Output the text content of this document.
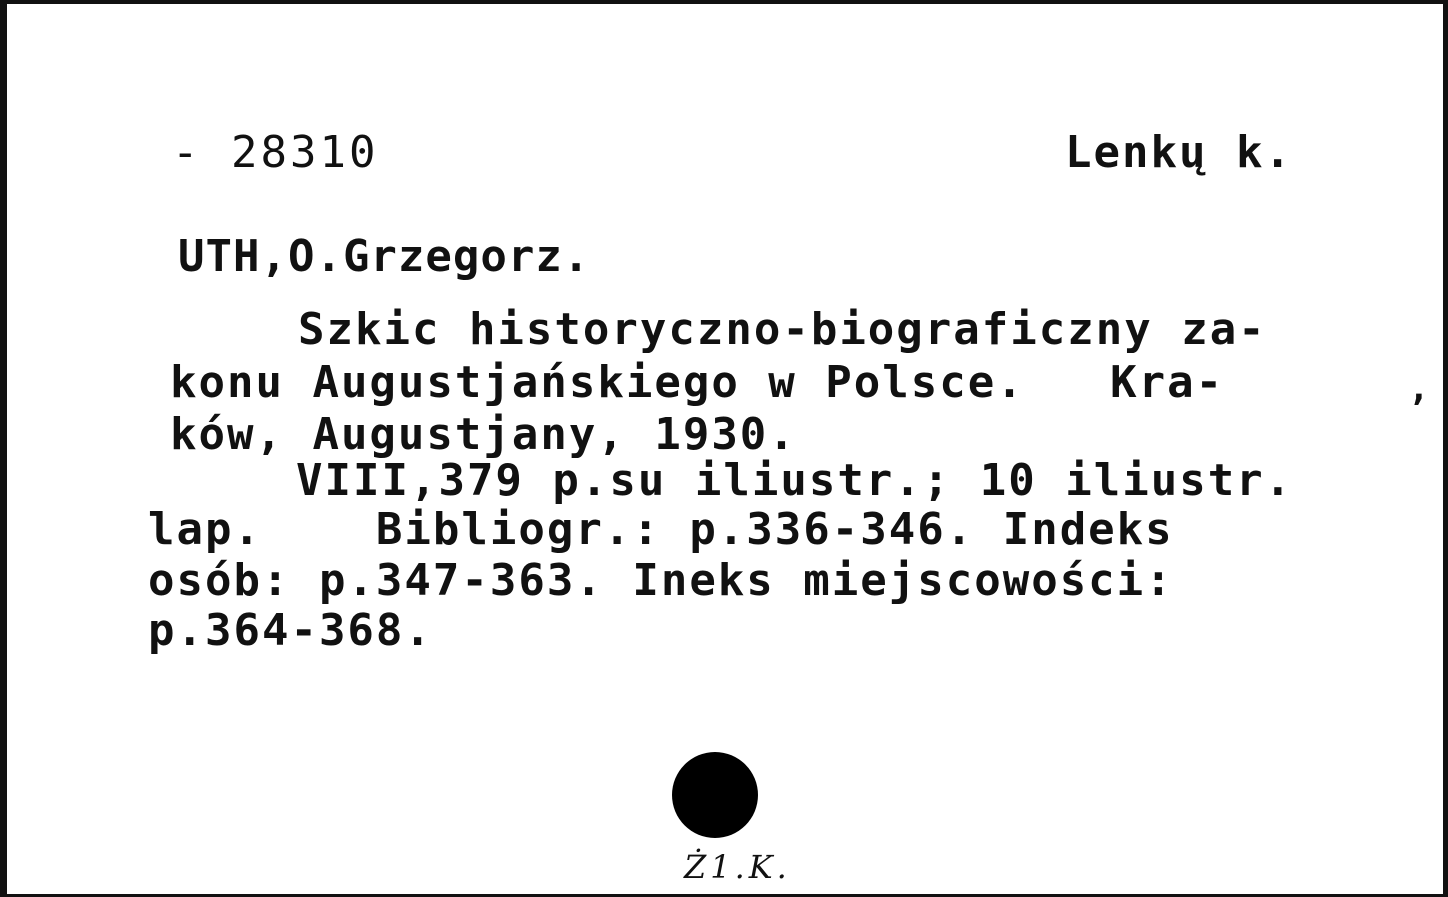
- 28310	Lenkų k.
UTH,O.Grzegorz.
Szkic historyczno-biograficzny za-
konu Augustjańskiego w Polsce.   Kra-
ków, Augustjany, 1930.
,
VIII,379 p.su iliustr.; 10 iliustr.
lap.    Bibliogr.: p.336-346. Indeks
osób: p.347-363. Ineks miejscowości:
p.364-368.
Ż1.K.
